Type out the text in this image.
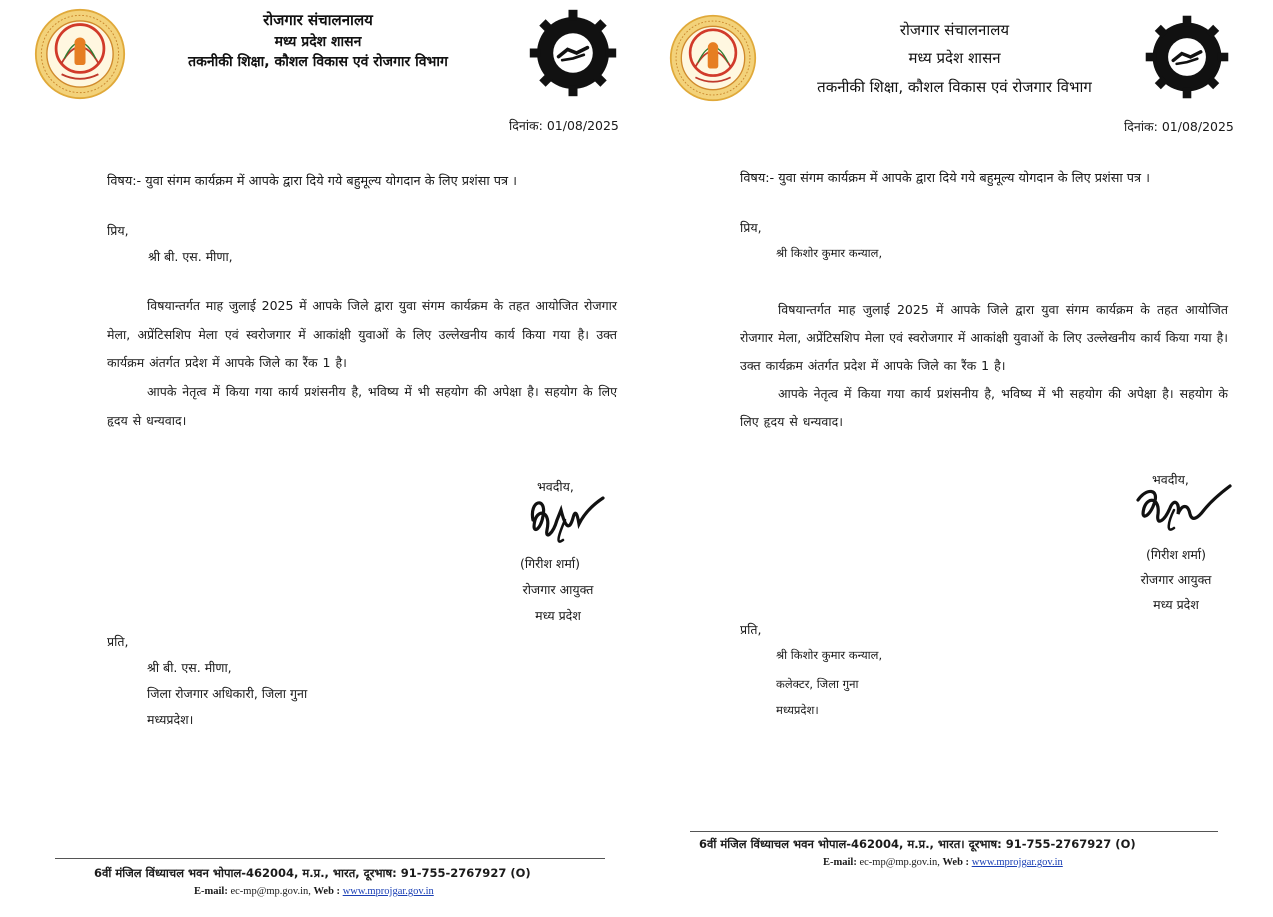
रोजगार संचालनालय
मध्य प्रदेश शासन
तकनीकी शिक्षा, कौशल विकास एवं रोजगार विभाग
दिनांक: 01/08/2025
विषय:- युवा संगम कार्यक्रम में आपके द्वारा दिये गये बहुमूल्य योगदान के लिए प्रशंसा पत्र ।
प्रिय,
श्री बी. एस. मीणा,
विषयान्तर्गत माह जुलाई 2025 में आपके जिले द्वारा युवा संगम कार्यक्रम के तहत आयोजित रोजगार मेला, अप्रेंटिसशिप मेला एवं स्वरोजगार में आकांक्षी युवाओं के लिए उल्लेखनीय कार्य किया गया है। उक्त कार्यक्रम अंतर्गत प्रदेश में आपके जिले का रैंक 1 है।
आपके नेतृत्व में किया गया कार्य प्रशंसनीय है, भविष्य में भी सहयोग की अपेक्षा है। सहयोग के लिए हृदय से धन्यवाद।
भवदीय,
(गिरीश शर्मा)
रोजगार आयुक्त
मध्य प्रदेश
प्रति,
श्री बी. एस. मीणा,
जिला रोजगार अधिकारी, जिला गुना
मध्यप्रदेश।
6वीं मंजिल विंध्याचल भवन भोपाल-462004, म.प्र., भारत, दूरभाष: 91-755-2767927 (O)
E-mail: ec-mp@mp.gov.in, Web : www.mprojgar.gov.in
रोजगार संचालनालय
मध्य प्रदेश शासन
तकनीकी शिक्षा, कौशल विकास एवं रोजगार विभाग
दिनांक: 01/08/2025
विषय:- युवा संगम कार्यक्रम में आपके द्वारा दिये गये बहुमूल्य योगदान के लिए प्रशंसा पत्र ।
प्रिय,
श्री किशोर कुमार कन्याल,
विषयान्तर्गत माह जुलाई 2025 में आपके जिले द्वारा युवा संगम कार्यक्रम के तहत आयोजित रोजगार मेला, अप्रेंटिसशिप मेला एवं स्वरोजगार में आकांक्षी युवाओं के लिए उल्लेखनीय कार्य किया गया है। उक्त कार्यक्रम अंतर्गत प्रदेश में आपके जिले का रैंक 1 है।
आपके नेतृत्व में किया गया कार्य प्रशंसनीय है, भविष्य में भी सहयोग की अपेक्षा है। सहयोग के लिए हृदय से धन्यवाद।
भवदीय,
(गिरीश शर्मा)
रोजगार आयुक्त
मध्य प्रदेश
प्रति,
श्री किशोर कुमार कन्याल,
कलेक्टर, जिला गुना
मध्यप्रदेश।
6वीं मंजिल विंध्याचल भवन भोपाल-462004, म.प्र., भारत। दूरभाष: 91-755-2767927 (O)
E-mail: ec-mp@mp.gov.in, Web : www.mprojgar.gov.in
